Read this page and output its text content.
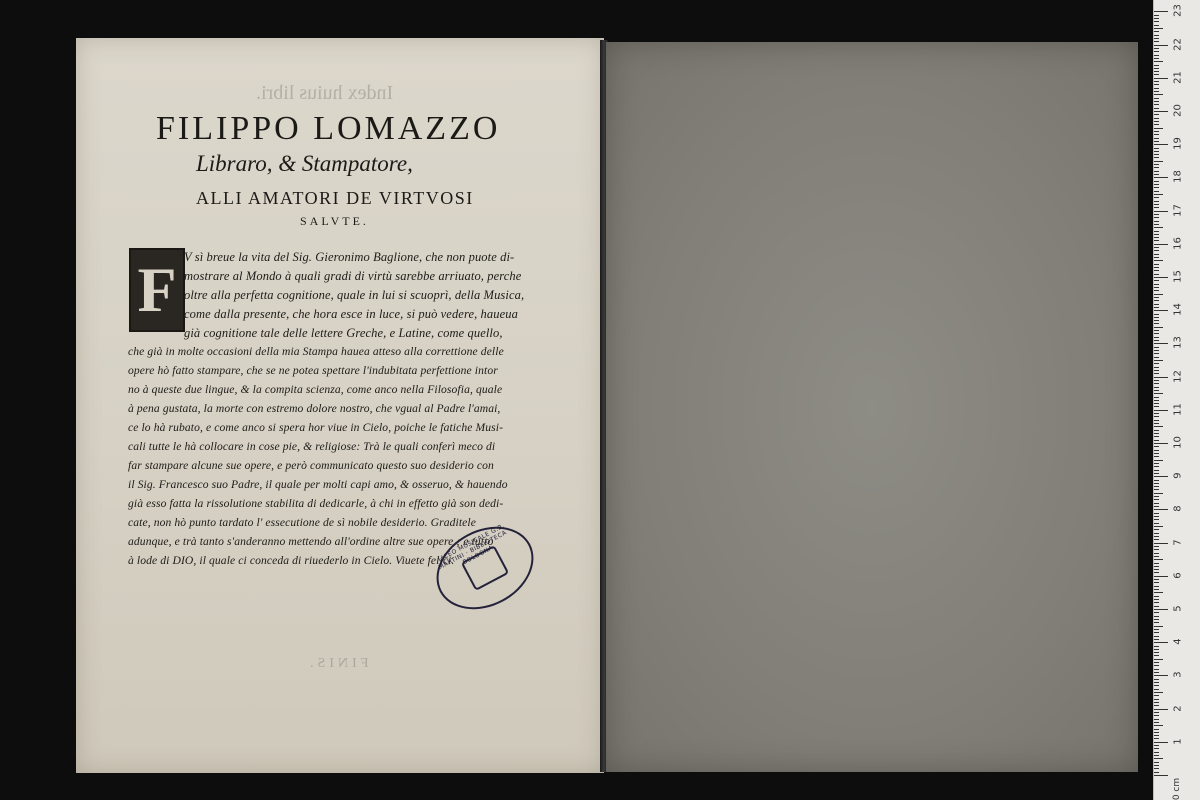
Index huius libri.
FINIS.
FILIPPO LOMAZZO
Libraro, & Stampatore,
ALLI AMATORI DE VIRTVOSI
SALVTE.
F V sì breue la vita del Sig. Gieronimo Baglione, che non puote di-
mostrare al Mondo à quali gradi di virtù sarebbe arriuato, perche
oltre alla perfetta cognitione, quale in lui si scuoprì, della Musica,
come dalla presente, che hora esce in luce, si può vedere, haueua
già cognitione tale delle lettere Greche, e Latine, come quello,
che già in molte occasioni della mia Stampa hauea atteso alla correttione delle
opere hò fatto stampare, che se ne potea spettare l'indubitata perfettione intor
no à queste due lingue, & la compita scienza, come anco nella Filosofia, quale
à pena gustata, la morte con estremo dolore nostro, che vgual al Padre l'amai,
ce lo hà rubato, e come anco si spera hor viue in Cielo, poiche le fatiche Musi-
cali tutte le hà collocare in cose pie, & religiose: Trà le quali conferì meco di
far stampare alcune sue opere, e però communicato questo suo desiderio con
il Sig. Francesco suo Padre, il quale per molti capi amo, & osseruo, & hauendo
già esso fatta la rissolutione stabilita di dedicarle, à chi in effetto già son dedi-
cate, non hò punto tardato l' essecutione de sì nobile desiderio. Graditele
adunque, e trà tanto s'anderanno mettendo all'ordine altre sue opere ; e tutto
à lode di DIO, il quale ci conceda di riuederlo in Cielo. Viuete felici.
LICEO MUSICALE G.B. MARTINI · BIBLIOTECA · BOLOGNA
1
2
3
4
5
6
7
8
9
10
11
12
13
14
15
16
17
18
19
20
21
22
23
0 cm
